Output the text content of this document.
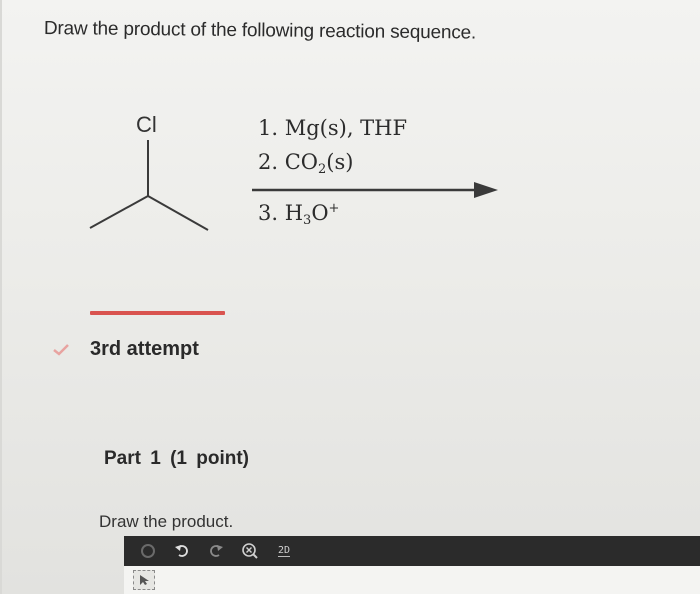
Draw the product of the following reaction sequence.
Cl	1. Mg(s), THF
2. $CO_2(s)$
3. $H_3O^+$
3rd attempt
Part 1 (1 point)
Draw the product.
2D
